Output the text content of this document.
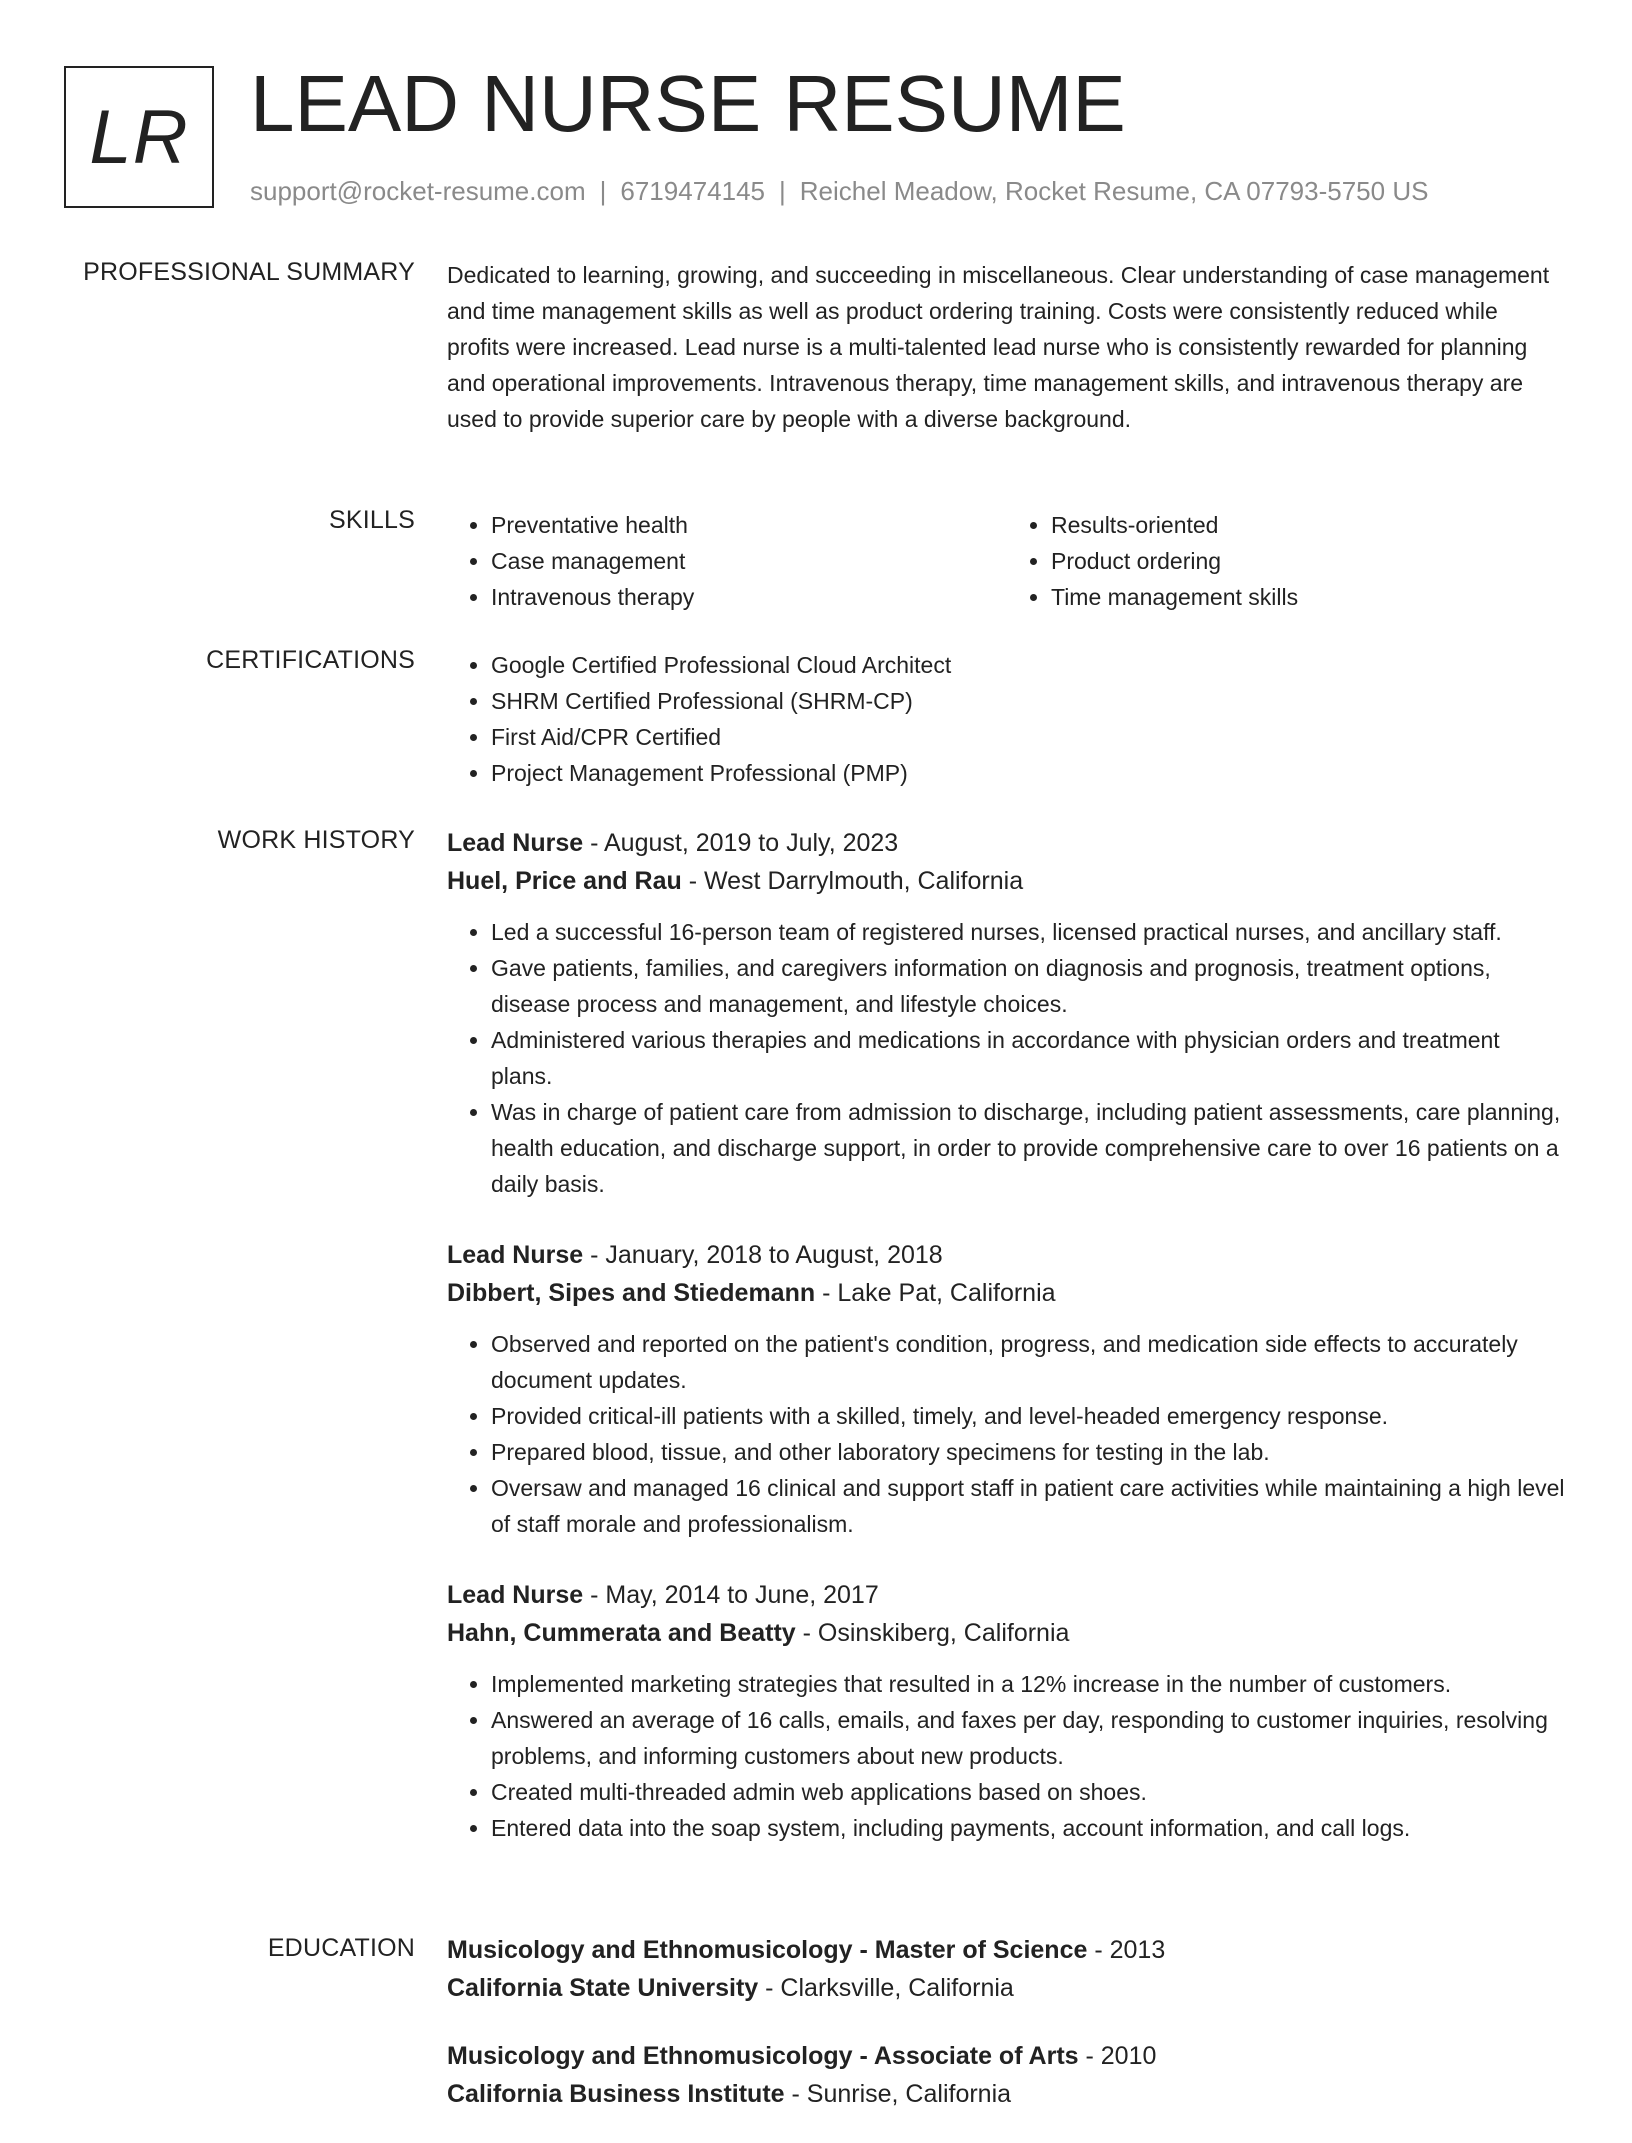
LR LEAD NURSE RESUME
support@rocket-resume.com | 6719474145 | Reichel Meadow, Rocket Resume, CA 07793-5750 US
PROFESSIONAL SUMMARY Dedicated to learning, growing, and succeeding in miscellaneous. Clear understanding of case management and time management skills as well as product ordering training. Costs were consistently reduced while profits were increased. Lead nurse is a multi-talented lead nurse who is consistently rewarded for planning and operational improvements. Intravenous therapy, time management skills, and intravenous therapy are used to provide superior care by people with a diverse background.

SKILLS	• Preventative health
• Case management
• Intravenous therapy
• Results-oriented
• Product ordering
• Time management skills
CERTIFICATIONS	• Google Certified Professional Cloud Architect
• SHRM Certified Professional (SHRM-CP)
• First Aid/CPR Certified
• Project Management Professional (PMP)
WORK HISTORY Lead Nurse - August, 2019 to July, 2023
Huel, Price and Rau - West Darrylmouth, California
• Led a successful 16-person team of registered nurses, licensed practical nurses, and ancillary staff.
• Gave patients, families, and caregivers information on diagnosis and prognosis, treatment options, disease process and management, and lifestyle choices.
• Administered various therapies and medications in accordance with physician orders and treatment plans.
• Was in charge of patient care from admission to discharge, including patient assessments, care planning, health education, and discharge support, in order to provide comprehensive care to over 16 patients on a daily basis.
Lead Nurse - January, 2018 to August, 2018
Dibbert, Sipes and Stiedemann - Lake Pat, California
• Observed and reported on the patient's condition, progress, and medication side effects to accurately document updates.
• Provided critical-ill patients with a skilled, timely, and level-headed emergency response.
• Prepared blood, tissue, and other laboratory specimens for testing in the lab.
• Oversaw and managed 16 clinical and support staff in patient care activities while maintaining a high level of staff morale and professionalism.
Lead Nurse - May, 2014 to June, 2017
Hahn, Cummerata and Beatty - Osinskiberg, California
• Implemented marketing strategies that resulted in a 12% increase in the number of customers.
• Answered an average of 16 calls, emails, and faxes per day, responding to customer inquiries, resolving problems, and informing customers about new products.
• Created multi-threaded admin web applications based on shoes.
• Entered data into the soap system, including payments, account information, and call logs.
EDUCATION Musicology and Ethnomusicology - Master of Science - 2013
California State University - Clarksville, California
Musicology and Ethnomusicology - Associate of Arts - 2010
California Business Institute - Sunrise, California
